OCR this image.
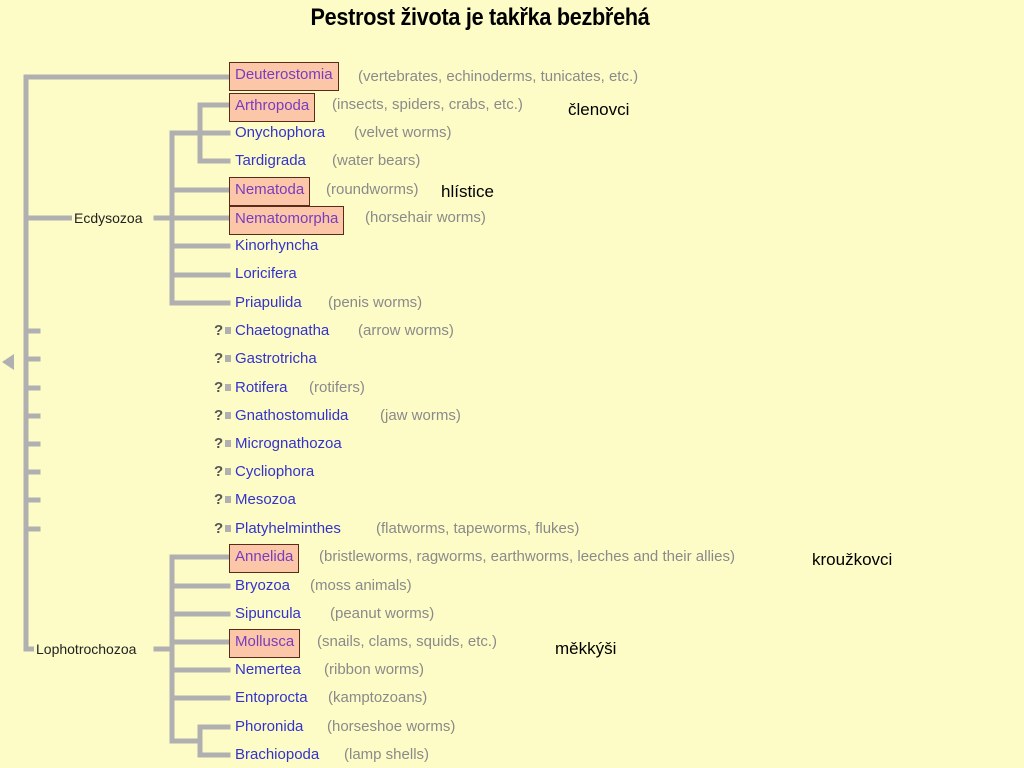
Pestrost života je takřka bezbřehá
Ecdysozoa
Lophotrochozoa
Deuterostomia	(vertebrates, echinoderms, tunicates, etc.)
Arthropoda	(insects, spiders, crabs, etc.)
Onychophora (velvet worms)
Tardigrada (water bears)
Nematoda	(roundworms)
Nematomorpha	(horsehair worms)
Kinorhyncha
Loricifera
Priapulida (penis worms)
? Chaetognatha (arrow worms)
? Gastrotricha
? Rotifera (rotifers)
? Gnathostomulida (jaw worms)
? Micrognathozoa
? Cycliophora
? Mesozoa
? Platyhelminthes (flatworms, tapeworms, flukes)
Annelida	(bristleworms, ragworms, earthworms, leeches and their allies)
Bryozoa (moss animals)
Sipuncula (peanut worms)
Mollusca	(snails, clams, squids, etc.)
Nemertea (ribbon worms)
Entoprocta (kamptozoans)
Phoronida (horseshoe worms)
Brachiopoda (lamp shells)
členovci
hlístice
kroužkovci
měkkýši
